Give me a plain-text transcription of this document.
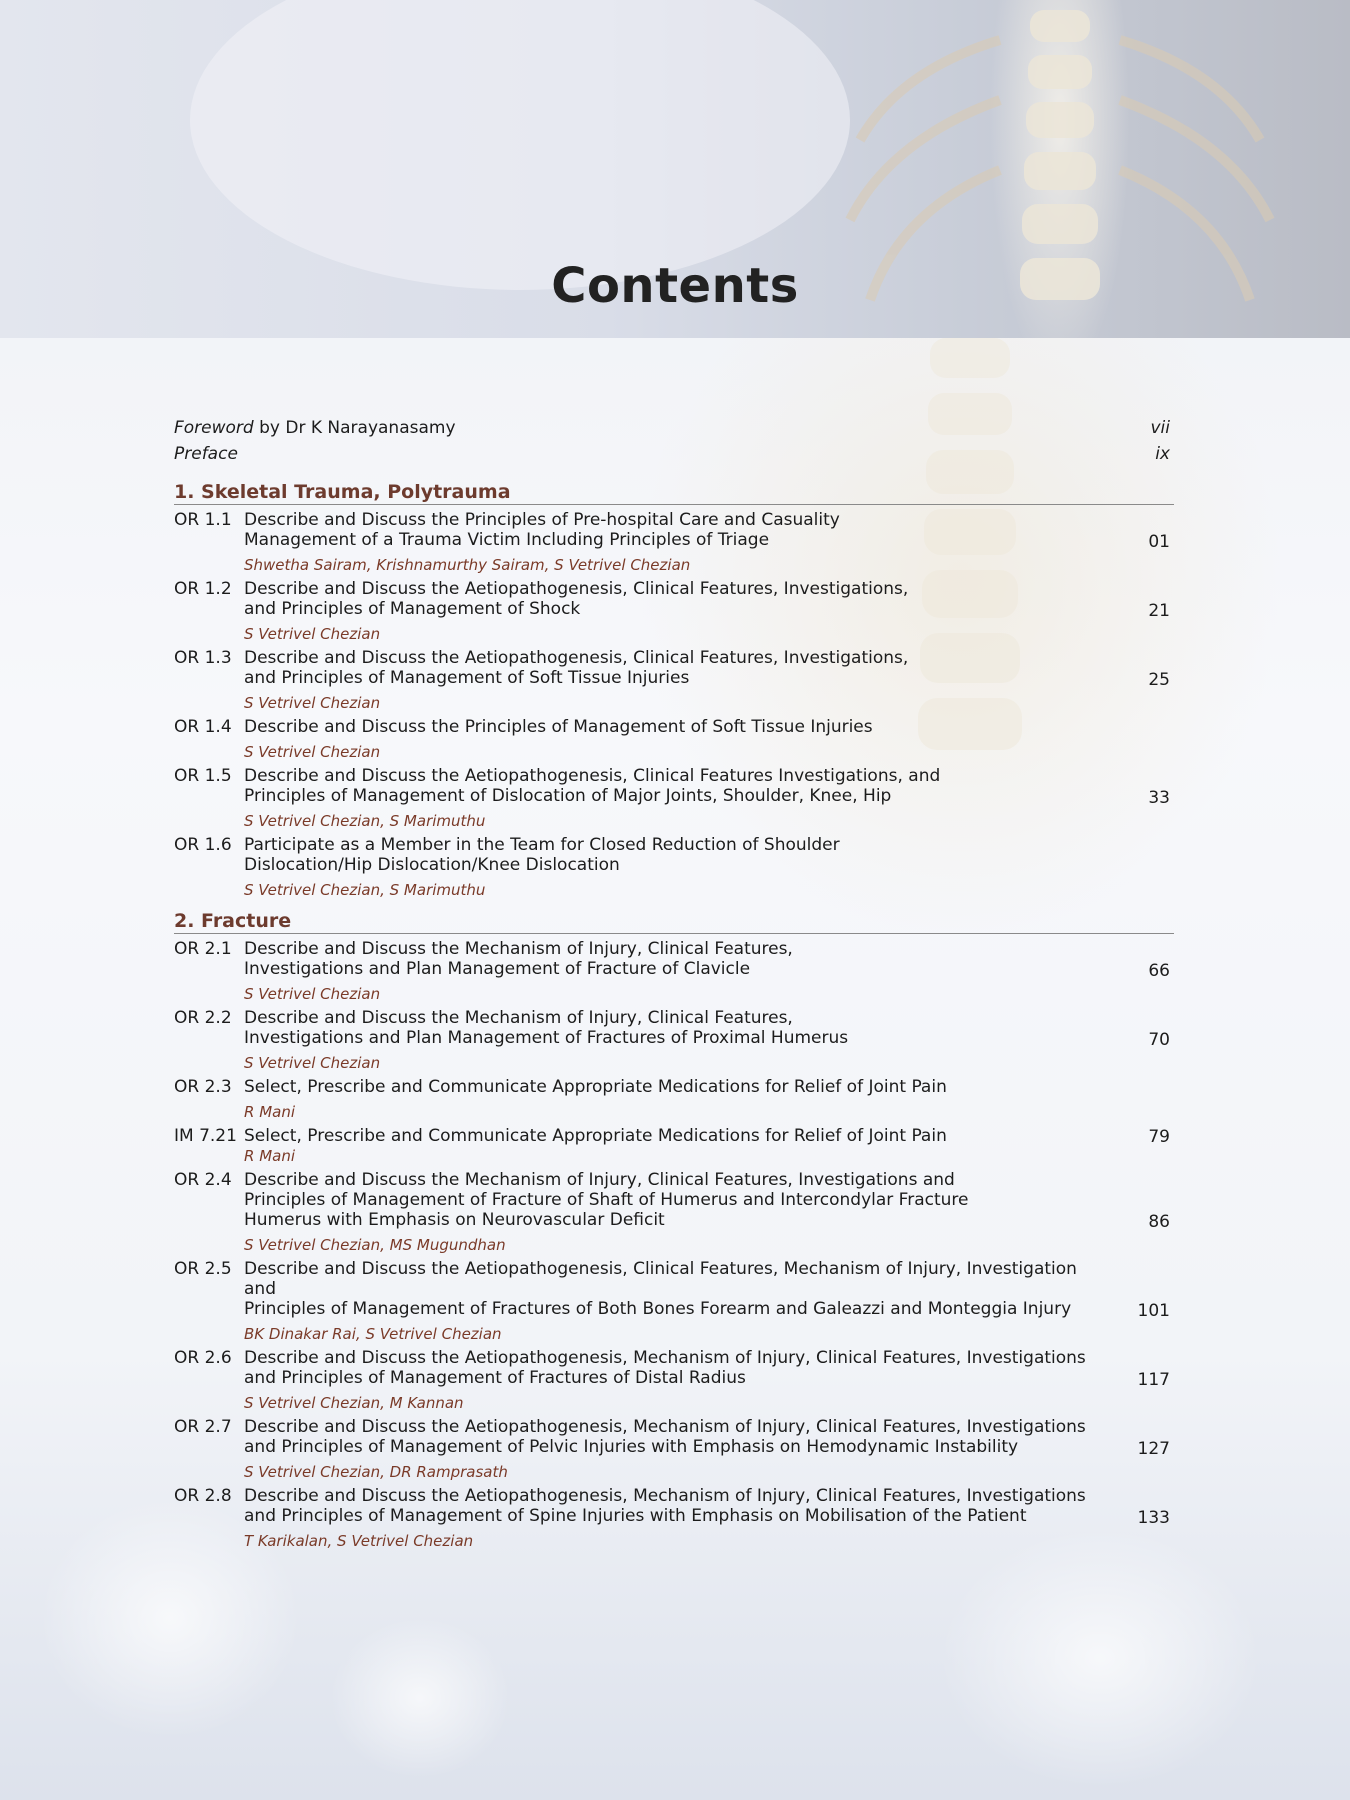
Contents
Foreword by Dr K Narayanasamy	vii
Preface	ix
1. Skeletal Trauma, Polytrauma
OR 1.1 Describe and Discuss the Principles of Pre-hospital Care and Casuality
Management of a Trauma Victim Including Principles of Triage	01
Shwetha Sairam, Krishnamurthy Sairam, S Vetrivel Chezian
OR 1.2 Describe and Discuss the Aetiopathogenesis, Clinical Features, Investigations,
and Principles of Management of Shock	21
S Vetrivel Chezian
OR 1.3 Describe and Discuss the Aetiopathogenesis, Clinical Features, Investigations,
and Principles of Management of Soft Tissue Injuries	25
S Vetrivel Chezian
OR 1.4 Describe and Discuss the Principles of Management of Soft Tissue Injuries
S Vetrivel Chezian
OR 1.5 Describe and Discuss the Aetiopathogenesis, Clinical Features Investigations, and
Principles of Management of Dislocation of Major Joints, Shoulder, Knee, Hip	33
S Vetrivel Chezian, S Marimuthu
OR 1.6 Participate as a Member in the Team for Closed Reduction of Shoulder
Dislocation/Hip Dislocation/Knee Dislocation
S Vetrivel Chezian, S Marimuthu
2. Fracture
OR 2.1 Describe and Discuss the Mechanism of Injury, Clinical Features,
Investigations and Plan Management of Fracture of Clavicle	66
S Vetrivel Chezian
OR 2.2 Describe and Discuss the Mechanism of Injury, Clinical Features,
Investigations and Plan Management of Fractures of Proximal Humerus	70
S Vetrivel Chezian
OR 2.3 Select, Prescribe and Communicate Appropriate Medications for Relief of Joint Pain
R Mani
IM 7.21 Select, Prescribe and Communicate Appropriate Medications for Relief of Joint Pain	79
R Mani
OR 2.4 Describe and Discuss the Mechanism of Injury, Clinical Features, Investigations and
Principles of Management of Fracture of Shaft of Humerus and Intercondylar Fracture
Humerus with Emphasis on Neurovascular Deficit	86
S Vetrivel Chezian, MS Mugundhan
OR 2.5 Describe and Discuss the Aetiopathogenesis, Clinical Features, Mechanism of Injury, Investigation and
Principles of Management of Fractures of Both Bones Forearm and Galeazzi and Monteggia Injury	101
BK Dinakar Rai, S Vetrivel Chezian
OR 2.6 Describe and Discuss the Aetiopathogenesis, Mechanism of Injury, Clinical Features, Investigations
and Principles of Management of Fractures of Distal Radius	117
S Vetrivel Chezian, M Kannan
OR 2.7 Describe and Discuss the Aetiopathogenesis, Mechanism of Injury, Clinical Features, Investigations
and Principles of Management of Pelvic Injuries with Emphasis on Hemodynamic Instability	127
S Vetrivel Chezian, DR Ramprasath
OR 2.8 Describe and Discuss the Aetiopathogenesis, Mechanism of Injury, Clinical Features, Investigations
and Principles of Management of Spine Injuries with Emphasis on Mobilisation of the Patient	133
T Karikalan, S Vetrivel Chezian
